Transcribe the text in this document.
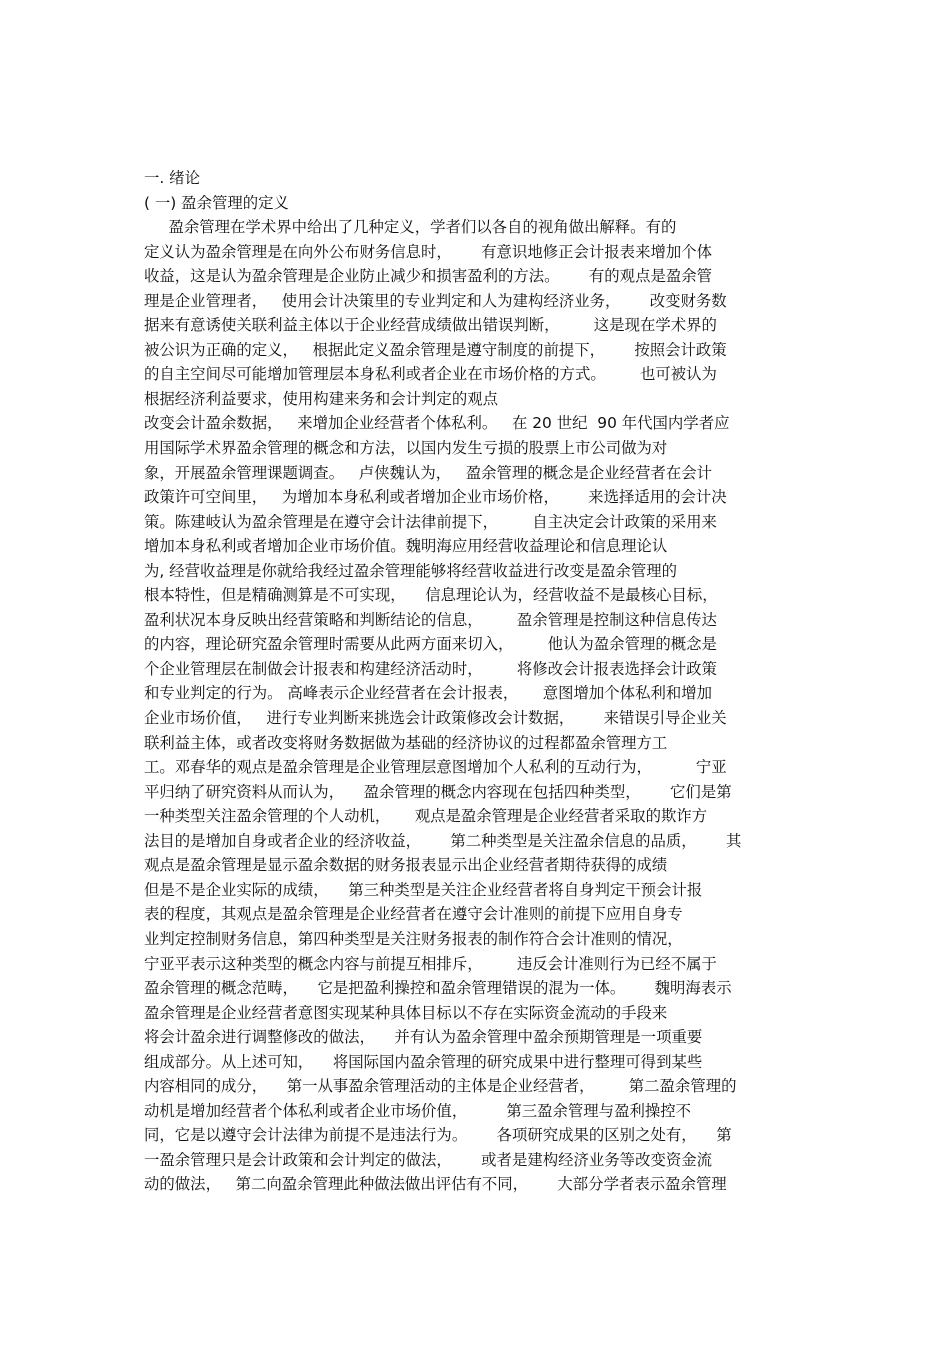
一. 绪论
( 一) 盈余管理的定义
盈余管理在学术界中给出了几种定义，学者们以各自的视角做出解释。有的
定义认为盈余管理是在向外公布财务信息时，      有意识地修正会计报表来增加个体
收益，这是认为盈余管理是企业防止减少和损害盈利的方法。      有的观点是盈余管
理是企业管理者，   使用会计决策里的专业判定和人为建构经济业务，      改变财务数
据来有意诱使关联利益主体以于企业经营成绩做出错误判断，       这是现在学术界的
被公识为正确的定义，   根据此定义盈余管理是遵守制度的前提下，      按照会计政策
的自主空间尽可能增加管理层本身私利或者企业在市场价格的方式。       也可被认为
根据经济利益要求，使用构建来务和会计判定的观点
改变会计盈余数据，   来增加企业经营者个体私利。   在 20 世纪  90 年代国内学者应
用国际学术界盈余管理的概念和方法，以国内发生亏损的股票上市公司做为对
象，开展盈余管理课题调查。   卢侠魏认为，   盈余管理的概念是企业经营者在会计
政策许可空间里，   为增加本身私利或者增加企业市场价格，      来选择适用的会计决
策。陈建岐认为盈余管理是在遵守会计法律前提下，       自主决定会计政策的采用来
增加本身私利或者增加企业市场价值。魏明海应用经营收益理论和信息理论认
为, 经营收益理是你就给我经过盈余管理能够将经营收益进行改变是盈余管理的
根本特性，但是精确测算是不可实现，    信息理论认为，经营收益不是最核心目标，
盈利状况本身反映出经营策略和判断结论的信息，       盈余管理是控制这种信息传达
的内容，理论研究盈余管理时需要从此两方面来切入，       他认为盈余管理的概念是
个企业管理层在制做会计报表和构建经济活动时，       将修改会计报表选择会计政策
和专业判定的行为。 高峰表示企业经营者在会计报表，     意图增加个体私利和增加
企业市场价值，   进行专业判断来挑选会计政策修改会计数据，      来错误引导企业关
联利益主体，或者改变将财务数据做为基础的经济协议的过程都盈余管理方工
工。邓春华的观点是盈余管理是企业管理层意图增加个人私利的互动行为，         宁亚
平归纳了研究资料从而认为，    盈余管理的概念内容现在包括四种类型，      它们是第
一种类型关注盈余管理的个人动机，     观点是盈余管理是企业经营者采取的欺诈方
法目的是增加自身或者企业的经济收益，      第二种类型是关注盈余信息的品质，      其
观点是盈余管理是显示盈余数据的财务报表显示出企业经营者期待获得的成绩
但是不是企业实际的成绩，    第三种类型是关注企业经营者将自身判定干预会计报
表的程度，其观点是盈余管理是企业经营者在遵守会计准则的前提下应用自身专
业判定控制财务信息，第四种类型是关注财务报表的制作符合会计准则的情况，
宁亚平表示这种类型的概念内容与前提互相排斥，       违反会计准则行为已经不属于
盈余管理的概念范畴，    它是把盈利操控和盈余管理错误的混为一体。      魏明海表示
盈余管理是企业经营者意图实现某种具体目标以不存在实际资金流动的手段来
将会计盈余进行调整修改的做法，    并有认为盈余管理中盈余预期管理是一项重要
组成部分。从上述可知，    将国际国内盈余管理的研究成果中进行整理可得到某些
内容相同的成分，    第一从事盈余管理活动的主体是企业经营者，       第二盈余管理的
动机是增加经营者个体私利或者企业市场价值，        第三盈余管理与盈利操控不
同，它是以遵守会计法律为前提不是违法行为。      各项研究成果的区别之处有，    第
一盈余管理只是会计政策和会计判定的做法，      或者是建构经济业务等改变资金流
动的做法，   第二向盈余管理此种做法做出评估有不同，      大部分学者表示盈余管理
